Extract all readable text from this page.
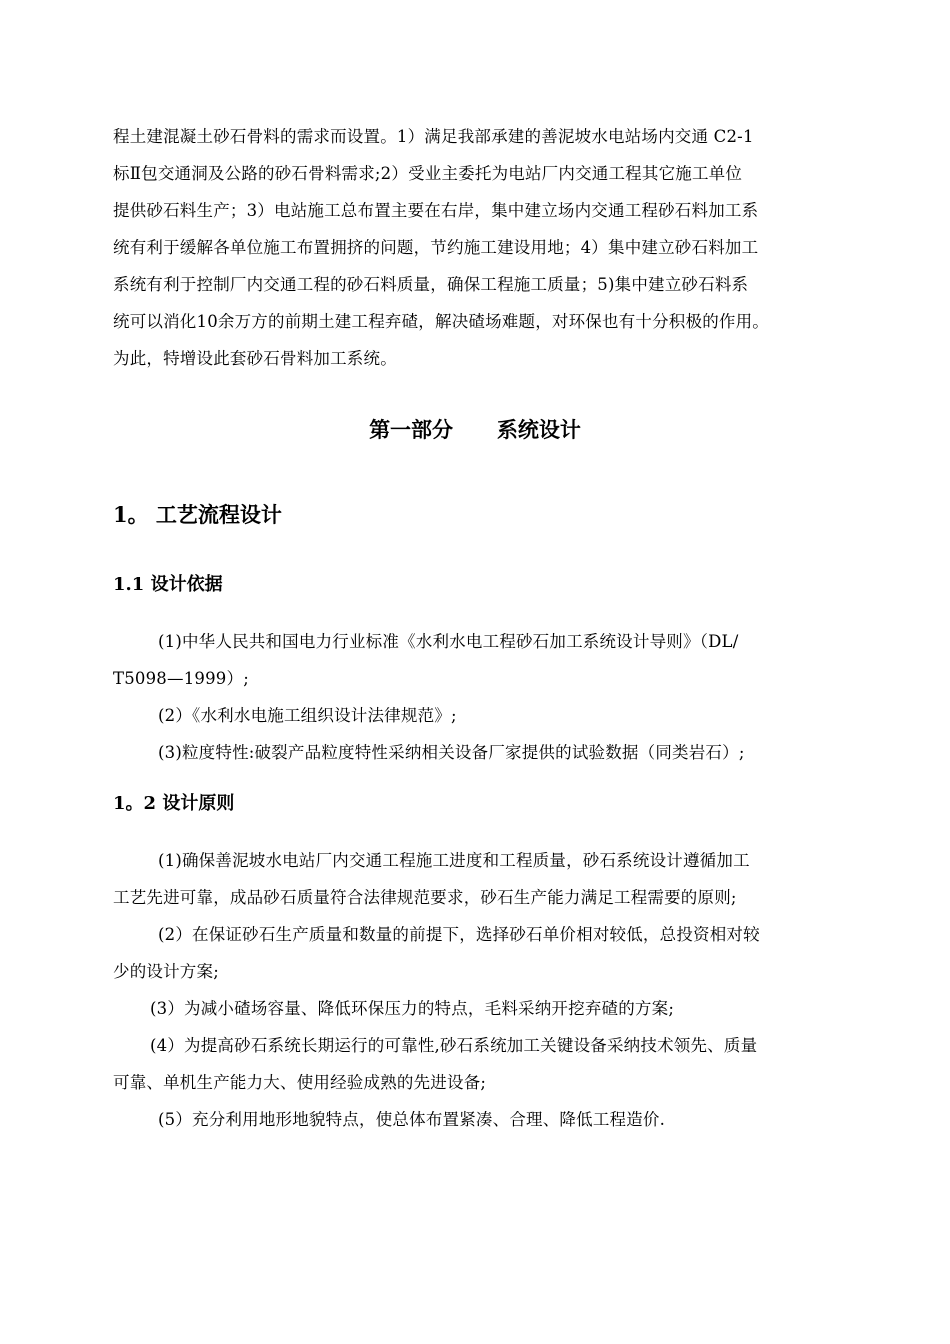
程土建混凝土砂石骨料的需求而设置。1）满足我部承建的善泥坡水电站场内交通 C2-1
标Ⅱ包交通洞及公路的砂石骨料需求;2）受业主委托为电站厂内交通工程其它施工单位
提供砂石料生产；3）电站施工总布置主要在右岸，集中建立场内交通工程砂石料加工系
统有利于缓解各单位施工布置拥挤的问题，节约施工建设用地；4）集中建立砂石料加工
系统有利于控制厂内交通工程的砂石料质量，确保工程施工质量；5)集中建立砂石料系
统可以消化10余万方的前期土建工程弃碴，解决碴场难题，对环保也有十分积极的作用。
为此，特增设此套砂石骨料加工系统。
第一部分      系统设计
1。 工艺流程设计
1.1 设计依据
(1)中华人民共和国电力行业标准《水利水电工程砂石加工系统设计导则》（DL/
T5098—1999）;
(2）《水利水电施工组织设计法律规范》;
(3)粒度特性:破裂产品粒度特性采纳相关设备厂家提供的试验数据（同类岩石）;
1。2 设计原则
(1)确保善泥坡水电站厂内交通工程施工进度和工程质量，砂石系统设计遵循加工
工艺先进可靠，成品砂石质量符合法律规范要求，砂石生产能力满足工程需要的原则;
(2）在保证砂石生产质量和数量的前提下，选择砂石单价相对较低，总投资相对较
少的设计方案;
(3）为减小碴场容量、降低环保压力的特点，毛料采纳开挖弃碴的方案;
(4）为提高砂石系统长期运行的可靠性,砂石系统加工关键设备采纳技术领先、质量
可靠、单机生产能力大、使用经验成熟的先进设备;
(5）充分利用地形地貌特点，使总体布置紧凑、合理、降低工程造价.
